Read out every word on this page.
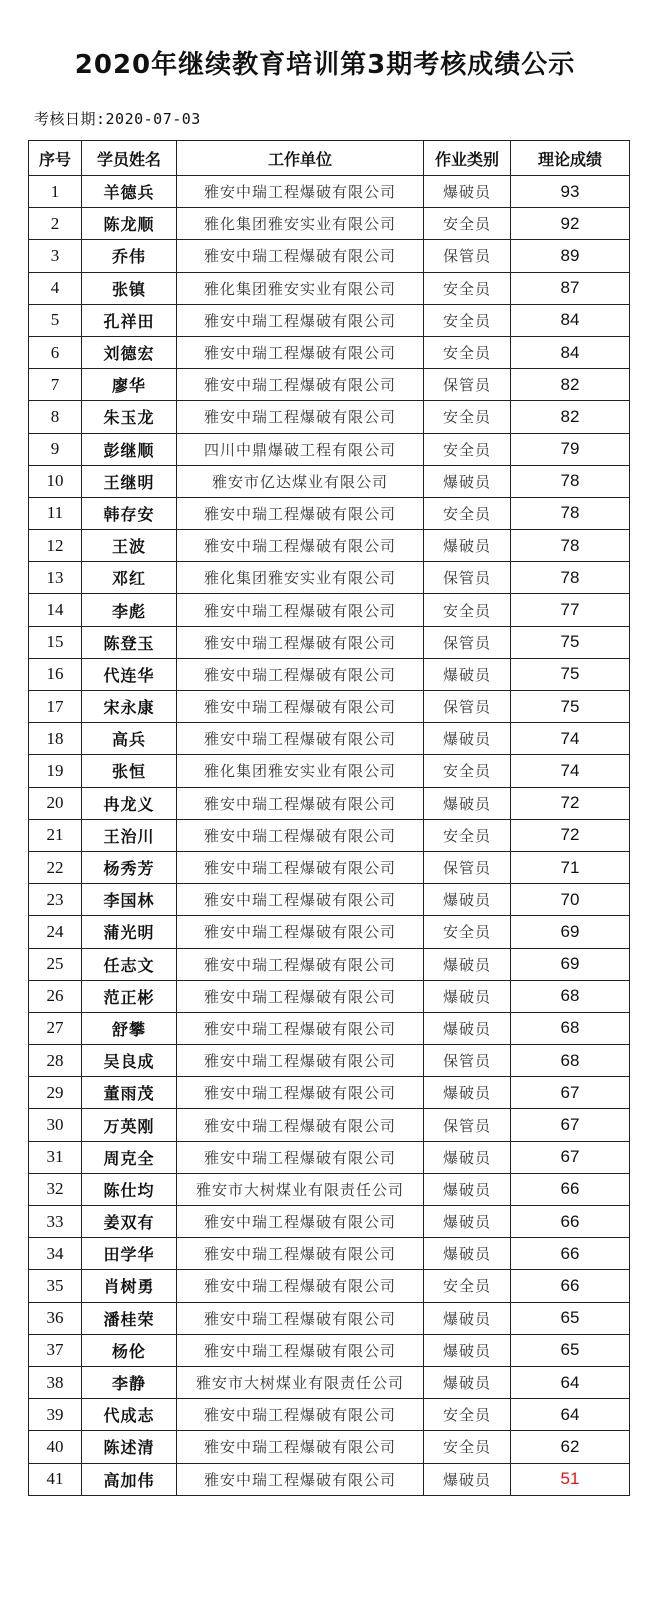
2020年继续教育培训第3期考核成绩公示
考核日期:2020-07-03
序号	学员姓名	工作单位	作业类别	理论成绩
1	羊德兵	雅安中瑞工程爆破有限公司	爆破员	93
2	陈龙顺	雅化集团雅安实业有限公司	安全员	92
3	乔伟	雅安中瑞工程爆破有限公司	保管员	89
4	张镇	雅化集团雅安实业有限公司	安全员	87
5	孔祥田	雅安中瑞工程爆破有限公司	安全员	84
6	刘德宏	雅安中瑞工程爆破有限公司	安全员	84
7	廖华	雅安中瑞工程爆破有限公司	保管员	82
8	朱玉龙	雅安中瑞工程爆破有限公司	安全员	82
9	彭继顺	四川中鼎爆破工程有限公司	安全员	79
10	王继明	雅安市亿达煤业有限公司	爆破员	78
11	韩存安	雅安中瑞工程爆破有限公司	安全员	78
12	王波	雅安中瑞工程爆破有限公司	爆破员	78
13	邓红	雅化集团雅安实业有限公司	保管员	78
14	李彪	雅安中瑞工程爆破有限公司	安全员	77
15	陈登玉	雅安中瑞工程爆破有限公司	保管员	75
16	代连华	雅安中瑞工程爆破有限公司	爆破员	75
17	宋永康	雅安中瑞工程爆破有限公司	保管员	75
18	高兵	雅安中瑞工程爆破有限公司	爆破员	74
19	张恒	雅化集团雅安实业有限公司	安全员	74
20	冉龙义	雅安中瑞工程爆破有限公司	爆破员	72
21	王治川	雅安中瑞工程爆破有限公司	安全员	72
22	杨秀芳	雅安中瑞工程爆破有限公司	保管员	71
23	李国林	雅安中瑞工程爆破有限公司	爆破员	70
24	蒲光明	雅安中瑞工程爆破有限公司	安全员	69
25	任志文	雅安中瑞工程爆破有限公司	爆破员	69
26	范正彬	雅安中瑞工程爆破有限公司	爆破员	68
27	舒攀	雅安中瑞工程爆破有限公司	爆破员	68
28	吴良成	雅安中瑞工程爆破有限公司	保管员	68
29	董雨茂	雅安中瑞工程爆破有限公司	爆破员	67
30	万英刚	雅安中瑞工程爆破有限公司	保管员	67
31	周克全	雅安中瑞工程爆破有限公司	爆破员	67
32	陈仕均	雅安市大树煤业有限责任公司	爆破员	66
33	姜双有	雅安中瑞工程爆破有限公司	爆破员	66
34	田学华	雅安中瑞工程爆破有限公司	爆破员	66
35	肖树勇	雅安中瑞工程爆破有限公司	安全员	66
36	潘桂荣	雅安中瑞工程爆破有限公司	爆破员	65
37	杨伦	雅安中瑞工程爆破有限公司	爆破员	65
38	李静	雅安市大树煤业有限责任公司	爆破员	64
39	代成志	雅安中瑞工程爆破有限公司	安全员	64
40	陈述清	雅安中瑞工程爆破有限公司	安全员	62
41	高加伟	雅安中瑞工程爆破有限公司	爆破员	51
